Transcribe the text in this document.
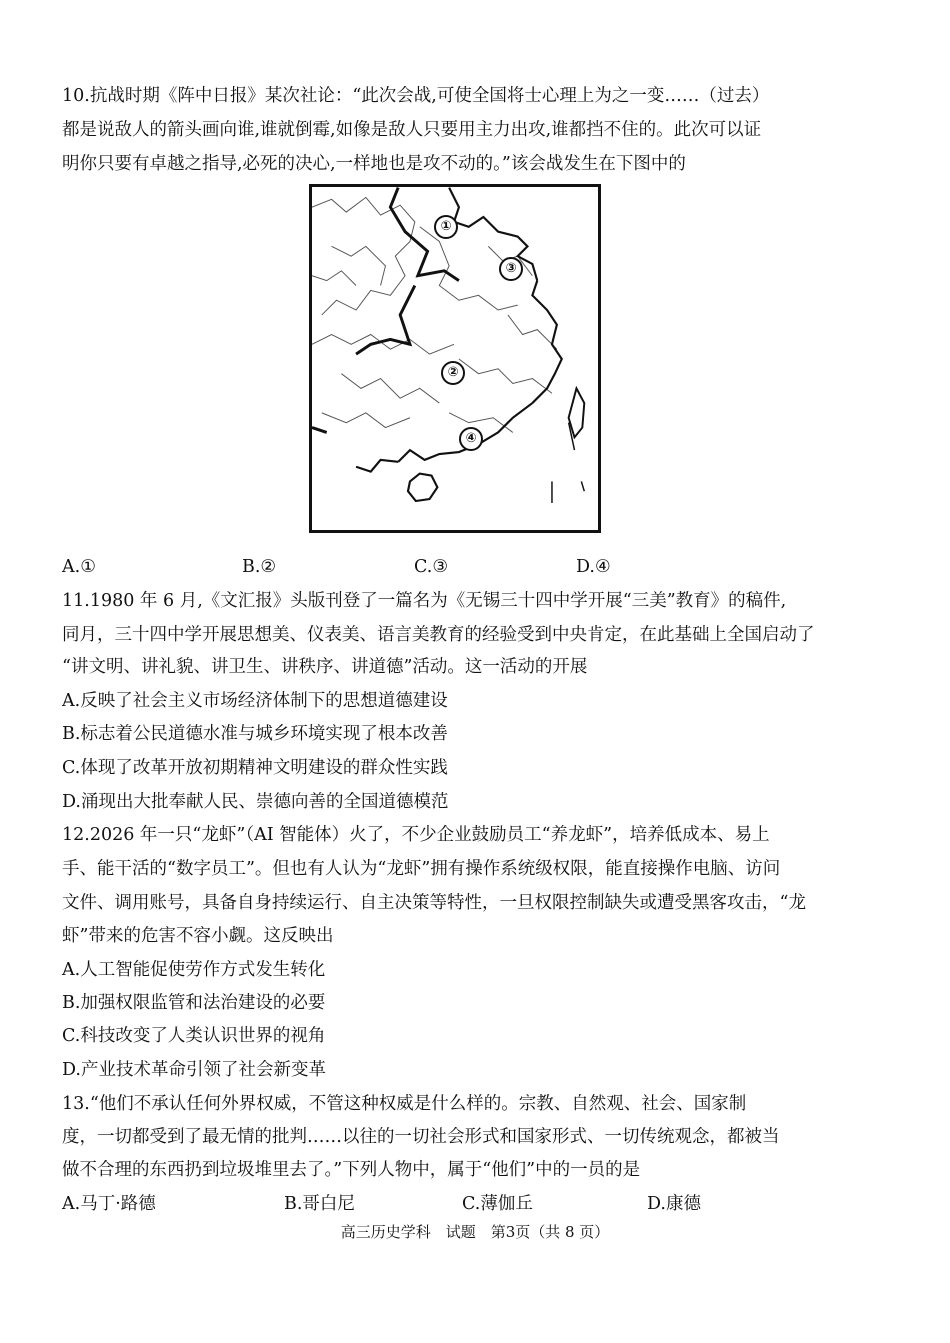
10.抗战时期《阵中日报》某次社论：“此次会战,可使全国将士心理上为之一变……（过去）
都是说敌人的箭头画向谁,谁就倒霉,如像是敌人只要用主力出攻,谁都挡不住的。此次可以证
明你只要有卓越之指导,必死的决心,一样地也是攻不动的。”该会战发生在下图中的
①
②
③
④
A.①	B.②	C.③	D.④
11.1980 年 6 月,《文汇报》头版刊登了一篇名为《无锡三十四中学开展“三美”教育》的稿件,
同月，三十四中学开展思想美、仪表美、语言美教育的经验受到中央肯定，在此基础上全国启动了
“讲文明、讲礼貌、讲卫生、讲秩序、讲道德”活动。这一活动的开展
A.反映了社会主义市场经济体制下的思想道德建设
B.标志着公民道德水准与城乡环境实现了根本改善
C.体现了改革开放初期精神文明建设的群众性实践
D.涌现出大批奉献人民、崇德向善的全国道德模范
12.2026 年一只“龙虾”（AI 智能体）火了，不少企业鼓励员工“养龙虾”，培养低成本、易上
手、能干活的“数字员工”。但也有人认为“龙虾”拥有操作系统级权限，能直接操作电脑、访问
文件、调用账号，具备自身持续运行、自主决策等特性，一旦权限控制缺失或遭受黑客攻击，“龙
虾”带来的危害不容小觑。这反映出
A.人工智能促使劳作方式发生转化
B.加强权限监管和法治建设的必要
C.科技改变了人类认识世界的视角
D.产业技术革命引领了社会新变革
13.“他们不承认任何外界权威，不管这种权威是什么样的。宗教、自然观、社会、国家制
度，一切都受到了最无情的批判……以往的一切社会形式和国家形式、一切传统观念，都被当
做不合理的东西扔到垃圾堆里去了。”下列人物中，属于“他们”中的一员的是
A.马丁·路德	B.哥白尼	C.薄伽丘	D.康德
高三历史学科　试题　第3页（共 8 页）
